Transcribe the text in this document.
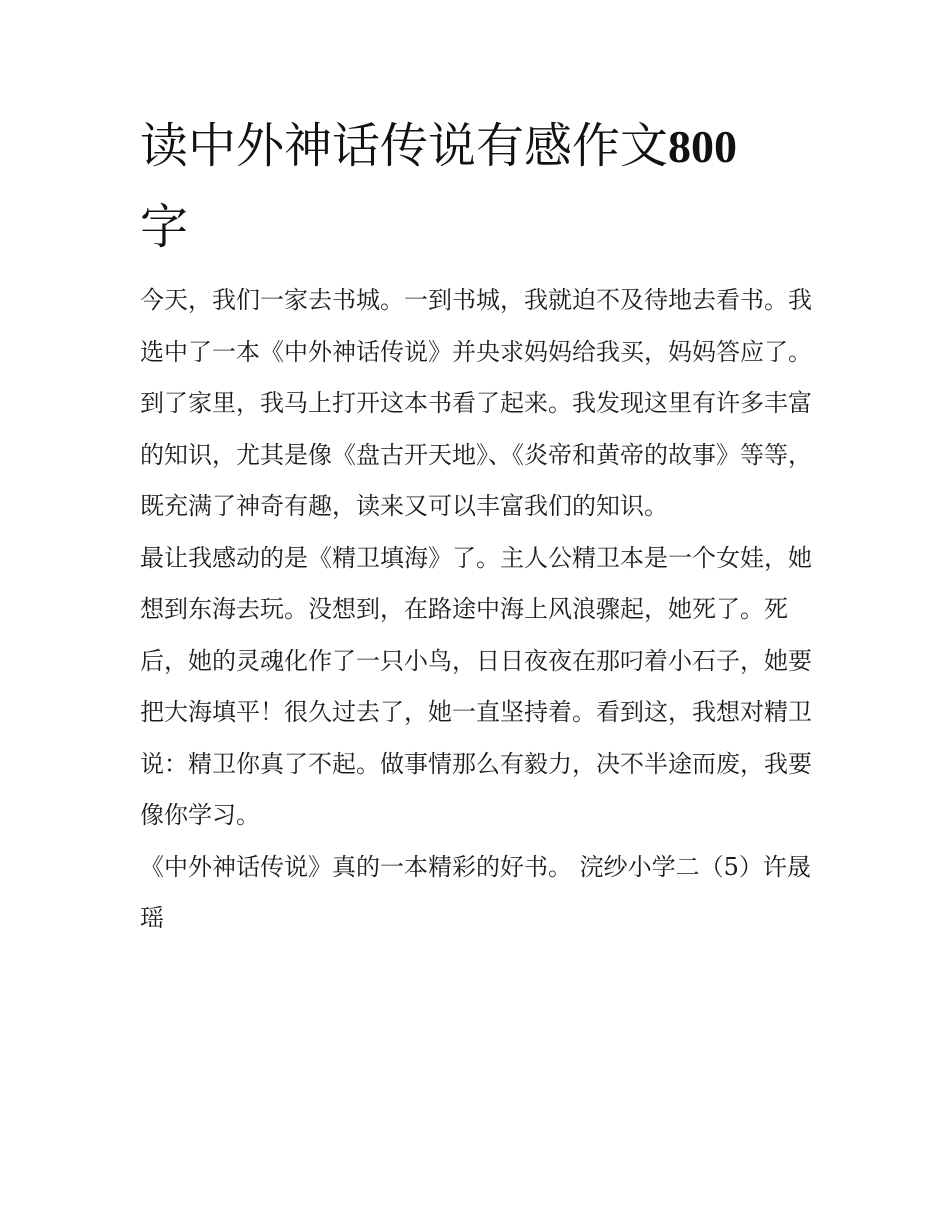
读中外神话传说有感作文800
字

今天，我们一家去书城。一到书城，我就迫不及待地去看书。我选中了一本《中外神话传说》并央求妈妈给我买，妈妈答应了。

到了家里，我马上打开这本书看了起来。我发现这里有许多丰富的知识，尤其是像《盘古开天地》、《炎帝和黄帝的故事》等等，既充满了神奇有趣，读来又可以丰富我们的知识。

最让我感动的是《精卫填海》了。主人公精卫本是一个女娃，她想到东海去玩。没想到，在路途中海上风浪骤起，她死了。死后，她的灵魂化作了一只小鸟，日日夜夜在那叼着小石子，她要把大海填平！很久过去了，她一直坚持着。看到这，我想对精卫说：精卫你真了不起。做事情那么有毅力，决不半途而废，我要像你学习。

《中外神话传说》真的一本精彩的好书。 浣纱小学二（5）许晟瑶
